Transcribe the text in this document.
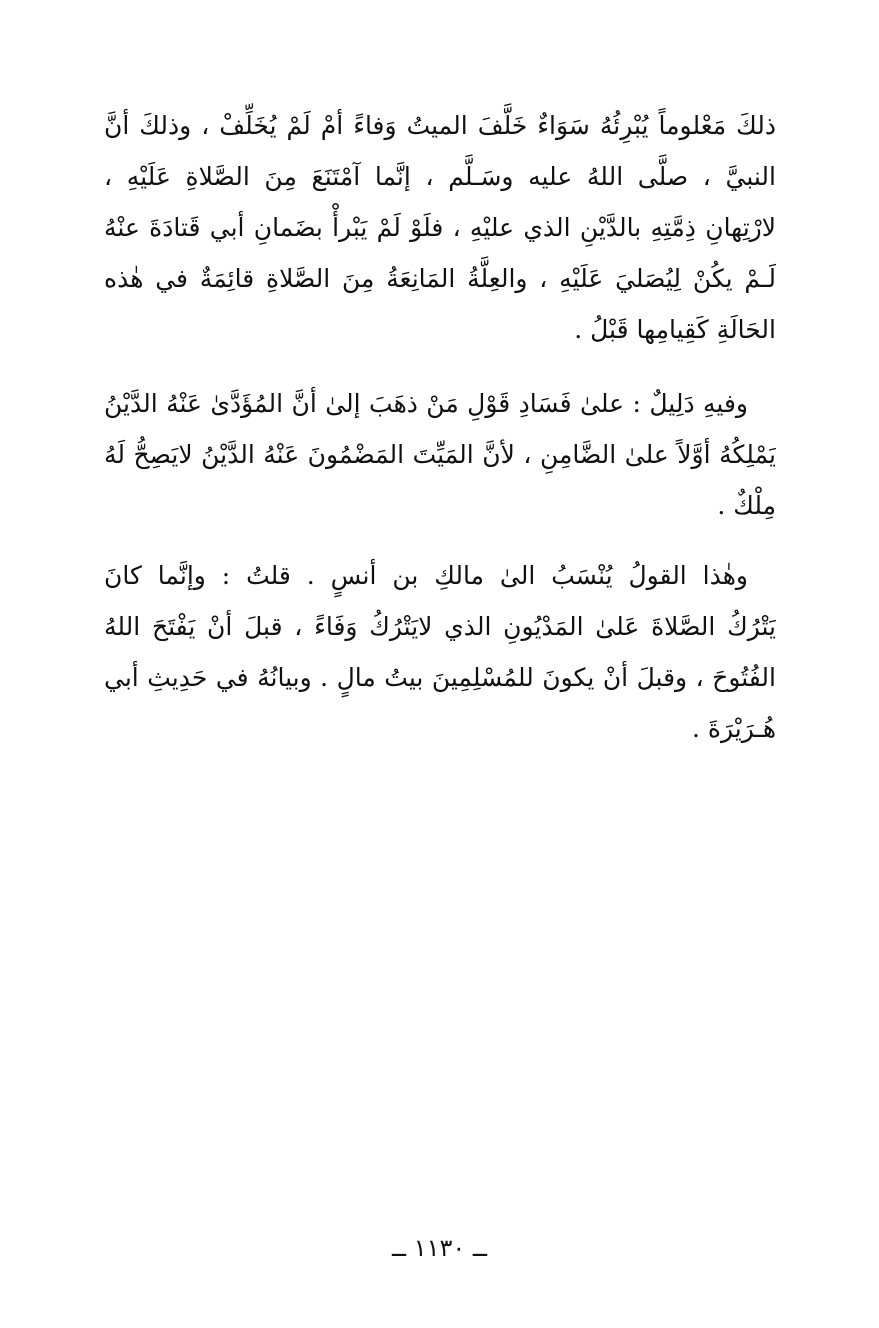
ذلكَ مَعْلوماً يُبْرِئُهُ سَوَاءٌ خَلَّفَ الميتُ وَفاءً أمْ لَمْ يُخَلِّفْ ، وذلكَ أنَّ
النبيَّ ، صلَّى اللهُ عليه وسَـلَّم ، إنَّما آمْتَنَعَ مِنَ الصَّلاةِ عَلَيْهِ ،
لارْتِهانِ ذِمَّتِهِ بالدَّيْنِ الذي عليْهِ ، فلَوْ لَمْ يَبْرأْ بضَمانِ أبي قَتادَةَ عنْهُ
لَـمْ يكُنْ لِيُصَليَ عَلَيْهِ ، والعِلَّةُ المَانِعَةُ مِنَ الصَّلاةِ قائِمَةٌ في هٰذه
الحَالَةِ كَقِيامِها قَبْلُ .
وفيهِ دَلِيلٌ : علىٰ فَسَادِ قَوْلِ مَنْ ذهَبَ إلىٰ أنَّ المُؤَدَّىٰ عَنْهُ الدَّيْنُ
يَمْلِكُهُ أوَّلاً علىٰ الضَّامِنِ ، لأنَّ المَيِّتَ المَضْمُونَ عَنْهُ الدَّيْنُ لايَصِحُّ لَهُ
مِلْكٌ .
وهٰذا القولُ يُنْسَبُ الىٰ مالكِ بن أنسٍ . قلتُ : وإنَّما كانَ
يَتْرُكُ الصَّلاةَ عَلىٰ المَدْيُونِ الذي لايَتْرُكُ وَفَاءً ، قبلَ أنْ يَفْتَحَ اللهُ
الفُتُوحَ ، وقبلَ أنْ يكونَ للمُسْلِمِينَ بيتُ مالٍ . وبيانُهُ في حَدِيثِ أبي
هُـرَيْرَةَ .
ــ ١١٣٠ ــ
